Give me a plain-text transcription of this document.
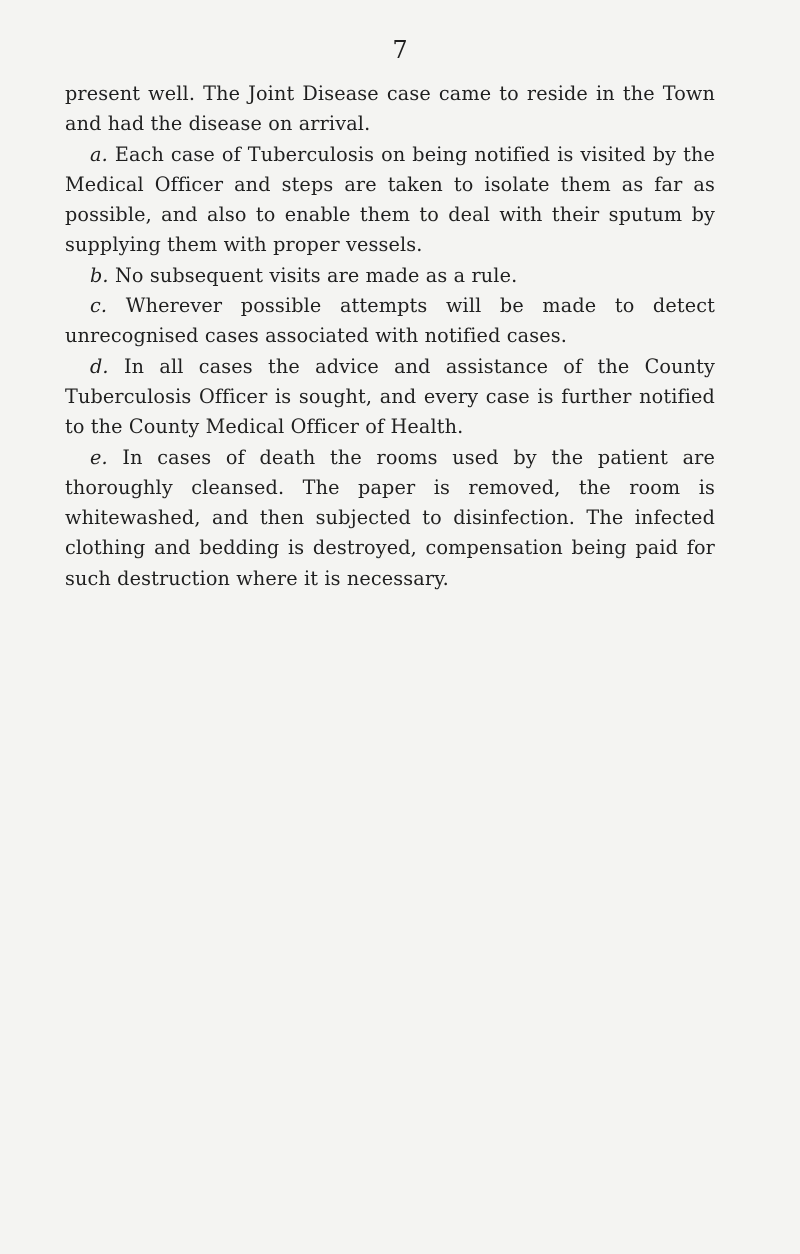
7

present well. The Joint Disease case came to reside in the Town and had the disease on arrival.

a. Each case of Tuberculosis on being notified is visited by the Medical Officer and steps are taken to isolate them as far as possible, and also to enable them to deal with their sputum by supplying them with proper vessels.

b. No subsequent visits are made as a rule.

c. Wherever possible attempts will be made to detect unrecognised cases associated with notified cases.

d. In all cases the advice and assistance of the County Tuberculosis Officer is sought, and every case is further notified to the County Medical Officer of Health.

e. In cases of death the rooms used by the patient are thoroughly cleansed. The paper is removed, the room is whitewashed, and then subjected to disinfection. The infected clothing and bedding is destroyed, compensation being paid for such destruction where it is necessary.
